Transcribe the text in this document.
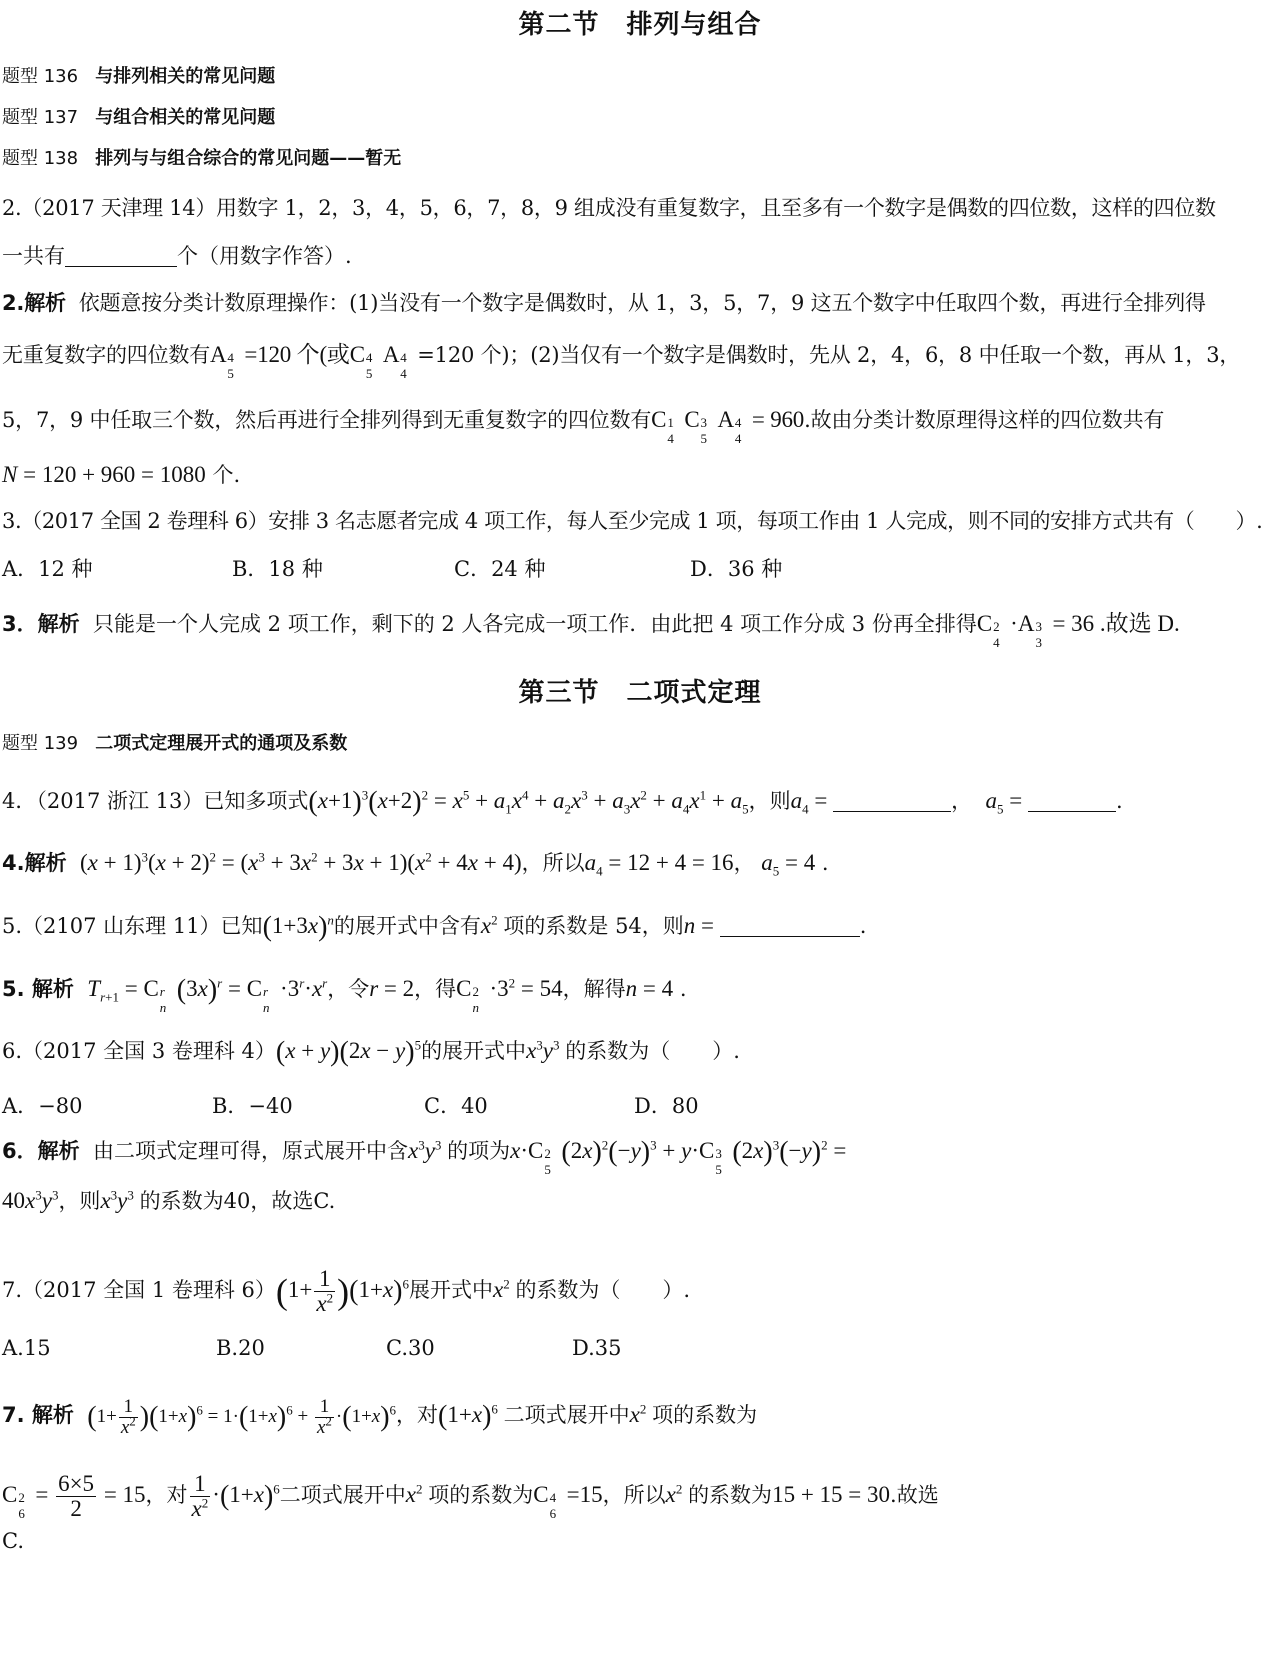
第二节　排列与组合
题型 136 与排列相关的常见问题
题型 137 与组合相关的常见问题
题型 138 排列与与组合综合的常见问题——暂无
2.（2017 天津理 14）用数字 1，2，3，4，5，6，7，8，9 组成没有重复数字，且至多有一个数字是偶数的四位数，这样的四位数
一共有	个（用数字作答）.
2.解析 依题意按分类计数原理操作：(1)当没有一个数字是偶数时，从 1，3，5，7，9 这五个数字中任取四个数，再进行全排列得
无重复数字的四位数有A 4
5
=120 个(或C 4
5
A 4
4
=120 个)；(2)当仅有一个数字是偶数时，先从 2，4，6，8 中任取一个数，再从 1，3，
5，7，9 中任取三个数，然后再进行全排列得到无重复数字的四位数有C 1
4
C 3
5
A 4
4
= 960.故由分类计数原理得这样的四位数共有
N = 120 + 960 = 1080 个.
3.（2017 全国 2 卷理科 6）安排 3 名志愿者完成 4 项工作，每人至少完成 1 项，每项工作由 1 人完成，则不同的安排方式共有（　　）.
A．12 种	B．18 种	C．24 种	D．36 种
3．解析 只能是一个人完成 2 项工作，剩下的 2 人各完成一项工作．由此把 4 项工作分成 3 份再全排得C 2
4
·A 3
3
= 36 .故选 D.
第三节　二项式定理
题型 139 二项式定理展开式的通项及系数
4．（2017 浙江 13）已知多项式$(x+1)^3(x+2)^2 = x^5 + a_1x^4 + a_2x^3 + a_3x^2 + a_4x^1 + a_5$，则$a_4$ =	， $a_5$ =	.
4.解析 $(x + 1)^3(x + 2)^2 = (x^3 + 3x^2 + 3x + 1)(x^2 + 4x + 4)$，所以$a_4 = 12 + 4 = 16$， $a_5 = 4$ .
5.（2107 山东理 11）已知$(1+3x)^n$的展开式中含有$x^2$ 项的系数是 54，则n =	.
5. 解析 $T_{r+1} = C$ r
n
$(3x)^r = C$ r
n
$\cdot 3^r\cdot x^r$，令r = 2，得C 2
n
$\cdot 3^2 = 54$，解得n = 4 .
6.（2017 全国 3 卷理科 $4)(x + y)(2x - y)^5$的展开式中$x^3y^3$ 的系数为（　　）.
A．−80	B．−40	C．40	D．80
6．解析 由二项式定理可得，原式展开中含$x^3y^3$ 的项为x·C 2
5
$(2x)^2(-y)^3 + y\cdot C$ 3
5
$(2x)^3(-y)^2$ =
$40x^3y^3$，则$x^3y^3$ 的系数为40，故选C.
7.（2017 全国 1 卷理科 $6)(1+ \frac{1}{x^2} )(1+x)^6$展开式中$x^2$ 的系数为（　　）.
A.15	B.20	C.30	D.35
7. 解析 $(1+ \frac{1}{x^2} )(1+x)^6 = 1\cdot(1+x)^6 + \frac{1}{x^2} \cdot(1+x)^6$，对$(1+x)^6$ 二项式展开中$x^2$ 项的系数为
C 2
6
= $\frac{6\times 5}{2} = 15$，对 $\frac{1}{x^2} \cdot(1+x)^6$二项式展开中$x^2$ 项的系数为C 4
6
=15，所以$x^2$ 的系数为15 + 15 = 30.故选
C.
